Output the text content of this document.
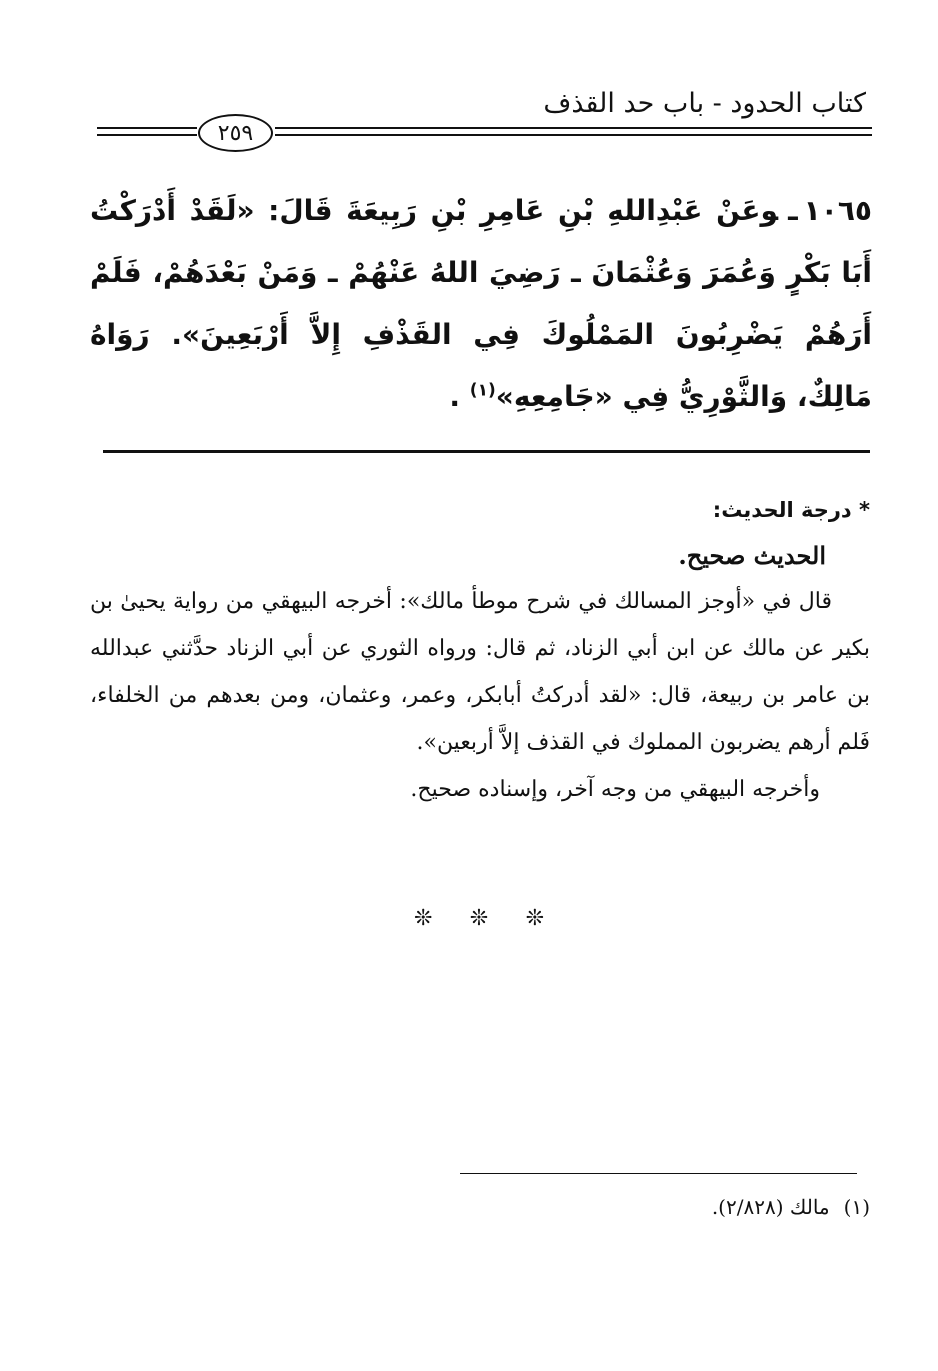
كتاب الحدود - باب حد القذف
٢٥٩
١٠٦٥ـوعَنْ عَبْدِاللهِ بْنِ عَامِرِ بْنِ رَبِيعَةَ قَالَ: «لَقَدْ أَدْرَكْتُ أَبَا بَكْرٍ وَعُمَرَ وَعُثْمَانَ ـ رَضِيَ اللهُ عَنْهُمْ ـ وَمَنْ بَعْدَهُمْ، فَلَمْ أَرَهُمْ يَضْرِبُونَ المَمْلُوكَ فِي القَذْفِ إِلاَّ أَرْبَعِينَ». رَوَاهُ مَالِكٌ، وَالثَّوْرِيُّ فِي «جَامِعِهِ»$^{(١)}$ .
* درجة الحديث:
الحديث صحيح.

قال في «أوجز المسالك في شرح موطأ مالك»: أخرجه البيهقي من رواية يحيىٰ بن بكير عن مالك عن ابن أبي الزناد، ثم قال: ورواه الثوري عن أبي الزناد حدَّثني عبدالله بن عامر بن ربيعة، قال: «لقد أدركتُ أبابكر، وعمر، وعثمان، ومن بعدهم من الخلفاء، فَلم أرهم يضربون المملوك في القذف إلاَّ أربعين».

وأخرجه البيهقي من وجه آخر، وإسناده صحيح.

❊ ❊ ❊
(١)مالك (٢/٨٢٨).
